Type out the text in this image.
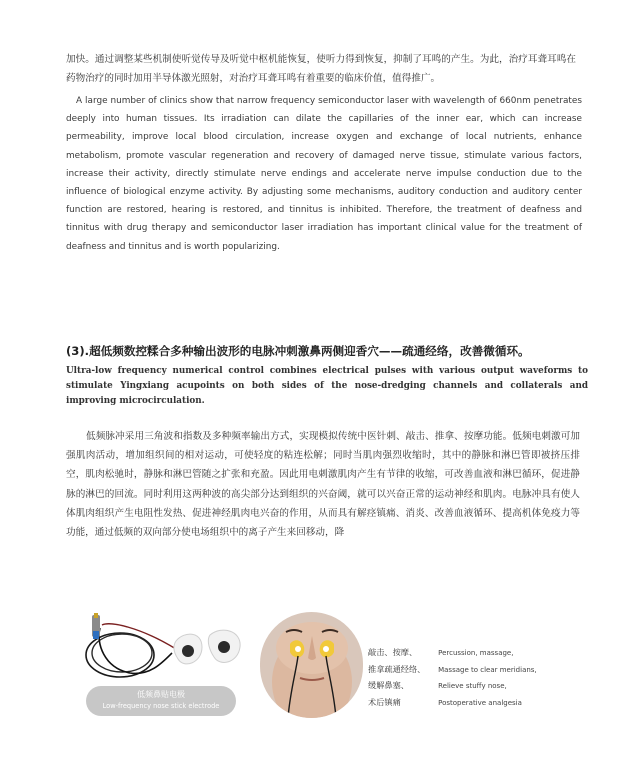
加快。通过调整某些机制使听觉传导及听觉中枢机能恢复，使听力得到恢复，抑制了耳鸣的产生。为此，治疗耳聋耳鸣在药物治疗的同时加用半导体激光照射，对治疗耳聋耳鸣有着重要的临床价值，值得推广。

A large number of clinics show that narrow frequency semiconductor laser with wavelength of 660nm penetrates deeply into human tissues. Its irradiation can dilate the capillaries of the inner ear, which can increase permeability, improve local blood circulation, increase oxygen and exchange of local nutrients, enhance metabolism, promote vascular regeneration and recovery of damaged nerve tissue, stimulate various factors, increase their activity, directly stimulate nerve endings and accelerate nerve impulse conduction due to the influence of biological enzyme activity. By adjusting some mechanisms, auditory conduction and auditory center function are restored, hearing is restored, and tinnitus is inhibited. Therefore, the treatment of deafness and tinnitus with drug therapy and semiconductor laser irradiation has important clinical value for the treatment of deafness and tinnitus and is worth popularizing.

(3).超低频数控糅合多种输出波形的电脉冲刺激鼻两侧迎香穴——疏通经络，改善微循环。

Ultra-low frequency numerical control combines electrical pulses with various output waveforms to stimulate Yingxiang acupoints on both sides of the nose-dredging channels and collaterals and improving microcirculation.

低频脉冲采用三角波和指数及多种频率输出方式，实现模拟传统中医针刺、敲击、推拿、按摩功能。低频电刺激可加强肌肉活动，增加组织间的相对运动，可使轻度的粘连松解；同时当肌肉强烈收缩时，其中的静脉和淋巴管即被挤压排空，肌肉松驰时，静脉和淋巴管随之扩张和充盈。因此用电刺激肌肉产生有节律的收缩，可改善血液和淋巴循环，促进静脉的淋巴的回流。同时利用这两种波的高尖部分达到组织的兴奋阈，就可以兴奋正常的运动神经和肌肉。电脉冲具有使人体肌肉组织产生电阻性发热、促进神经肌肉电兴奋的作用，从而具有解痉镇痛、消炎、改善血液循环、提高机体免疫力等功能，通过低频的双向部分使电场组织中的离子产生来回移动，降

低频鼻贴电极
Low-frequency nose stick electrode
敲击、按摩、	Percussion, massage,
推拿疏通经络、 Massage to clear meridians,
缓解鼻塞、	Relieve stuffy nose,
术后镇痛	Postoperative analgesia
